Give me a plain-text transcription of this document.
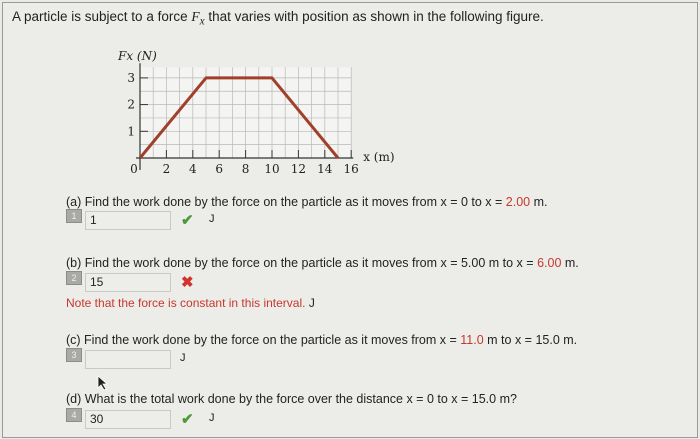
A particle is subject to a force $F_x$ that varies with position as shown in the following figure.
0 2 4 6 8 10 12 14 16
1
2
3
Fx (N)
x (m)
(a) Find the work done by the force on the particle as it moves from x = 0 to x = 2.00 m.
1
1	✔ J
(b) Find the work done by the force on the particle as it moves from x = 5.00 m to x = 6.00 m.
2
15	✖
Note that the force is constant in this interval. J
(c) Find the work done by the force on the particle as it moves from x = 11.0 m to x = 15.0 m.
3	J
(d) What is the total work done by the force over the distance x = 0 to x = 15.0 m?
4
30	✔ J
